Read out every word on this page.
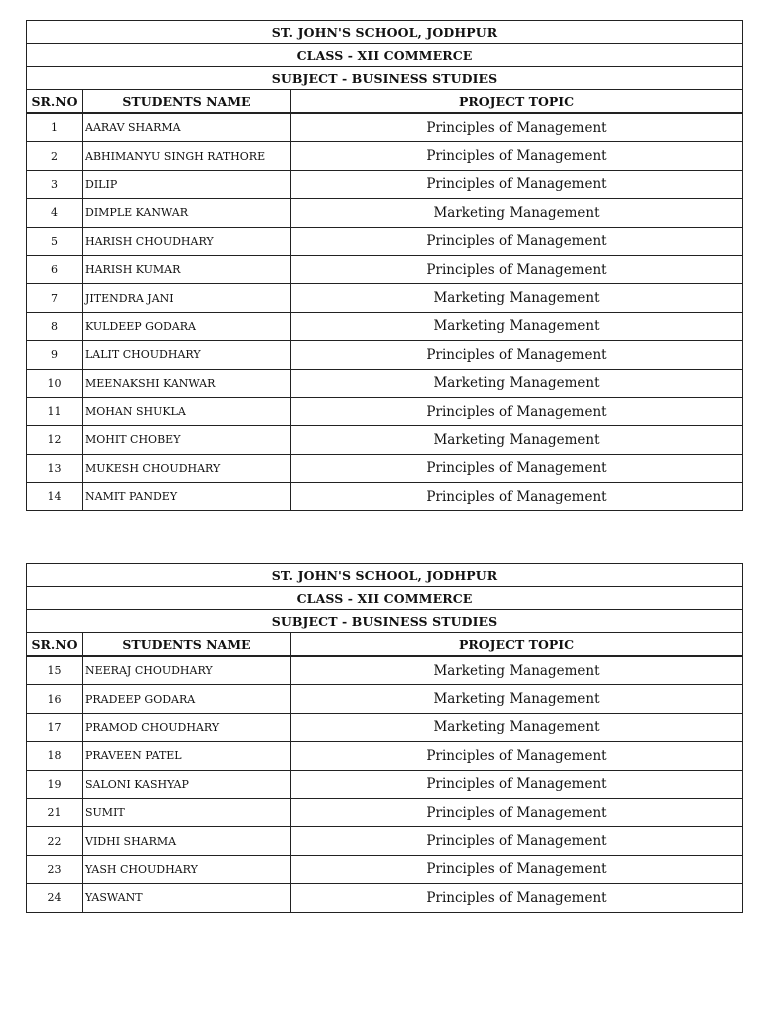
ST. JOHN'S SCHOOL, JODHPUR		
CLASS - XII COMMERCE		
SUBJECT - BUSINESS STUDIES		
SR.NO	STUDENTS NAME	PROJECT TOPIC
1	AARAV SHARMA	Principles of Management
2	ABHIMANYU SINGH RATHORE	Principles of Management
3	DILIP	Principles of Management
4	DIMPLE KANWAR	Marketing Management
5	HARISH CHOUDHARY	Principles of Management
6	HARISH KUMAR	Principles of Management
7	JITENDRA JANI	Marketing Management
8	KULDEEP GODARA	Marketing Management
9	LALIT CHOUDHARY	Principles of Management
10	MEENAKSHI KANWAR	Marketing Management
11	MOHAN SHUKLA	Principles of Management
12	MOHIT CHOBEY	Marketing Management
13	MUKESH CHOUDHARY	Principles of Management
14	NAMIT PANDEY	Principles of Management
ST. JOHN'S SCHOOL, JODHPUR		
CLASS - XII COMMERCE		
SUBJECT - BUSINESS STUDIES		
SR.NO	STUDENTS NAME	PROJECT TOPIC
15	NEERAJ CHOUDHARY	Marketing Management
16	PRADEEP GODARA	Marketing Management
17	PRAMOD CHOUDHARY	Marketing Management
18	PRAVEEN PATEL	Principles of Management
19	SALONI KASHYAP	Principles of Management
21	SUMIT	Principles of Management
22	VIDHI SHARMA	Principles of Management
23	YASH CHOUDHARY	Principles of Management
24	YASWANT	Principles of Management
